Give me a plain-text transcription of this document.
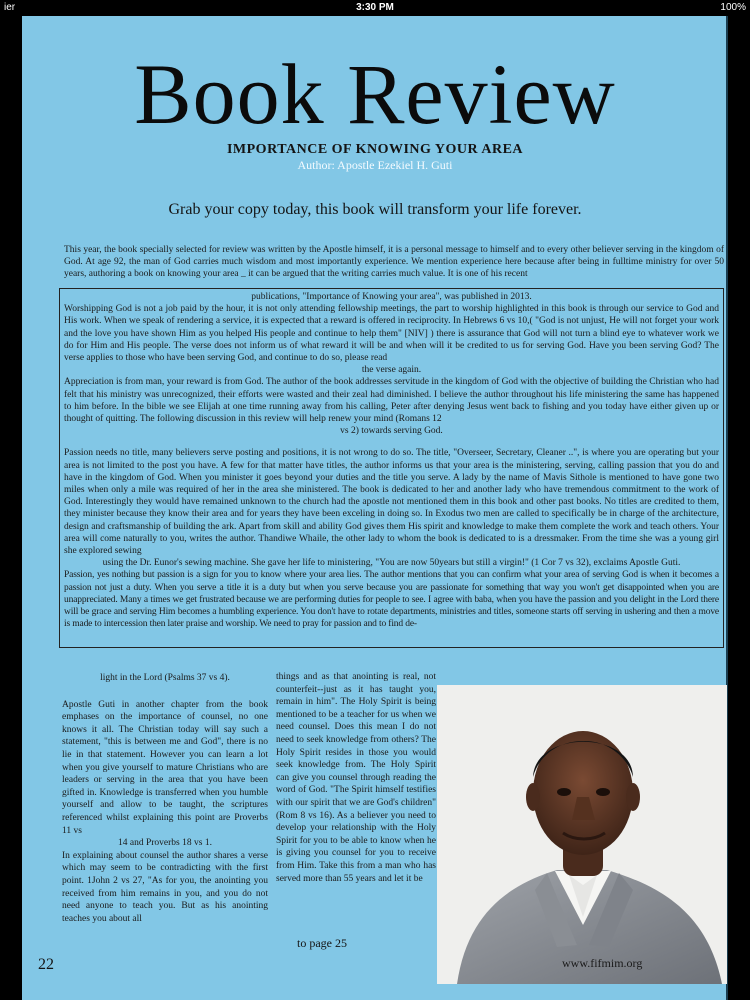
ier	3:30 PM	100%
Book Review
IMPORTANCE OF KNOWING YOUR AREA
Author: Apostle Ezekiel H. Guti
Grab your copy today, this book will transform your life forever.
This year, the book specially selected for review was written by the Apostle himself, it is a personal message to himself and to every other believer serving in the kingdom of God. At age 92, the man of God carries much wisdom and most importantly experience. We mention experience here because after being in fulltime ministry for over 50 years, authoring a book on knowing your area _ it can be argued that the writing carries much value. It is one of his recent
publications, "Importance of Knowing your area", was published in 2013.
Worshipping God is not a job paid by the hour, it is not only attending fellowship meetings, the part to worship highlighted in this book is through our service to God and His work. When we speak of rendering a service, it is expected that a reward is offered in reciprocity. In Hebrews 6 vs 10,( "God is not unjust, He will not forget your work and the love you have shown Him as you helped His people and continue to help them" [NIV] ) there is assurance that God will not turn a blind eye to whatever work we do for Him and His people. The verse does not inform us of what reward it will be and when will it be credited to us for serving God. Have you been serving God? The verse applies to those who have been serving God, and continue to do so, please read
the verse again.
Appreciation is from man, your reward is from God. The author of the book addresses servitude in the kingdom of God with the objective of building the Christian who had felt that his ministry was unrecognized, their efforts were wasted and their zeal had diminished. I believe the author throughout his life ministering the same has happened to him before. In the bible we see Elijah at one time running away from his calling, Peter after denying Jesus went back to fishing and you today have either given up or thought of quitting. The following discussion in this review will help renew your mind (Romans 12
vs 2) towards serving God.
Passion needs no title, many believers serve posting and positions, it is not wrong to do so. The title, "Overseer, Secretary, Cleaner ..", is where you are operating but your area is not limited to the post you have. A few for that matter have titles, the author informs us that your area is the ministering, serving, calling passion that you do and have in the kingdom of God. When you minister it goes beyond your duties and the title you serve. A lady by the name of Mavis Sithole is mentioned to have gone two miles when only a mile was required of her in the area she ministered. The book is dedicated to her and another lady who have tremendous commitment to the work of God. Interestingly they would have remained unknown to the church had the apostle not mentioned them in this book and other past books. No titles are credited to them, they minister because they know their area and for years they have been exceling in doing so. In Exodus two men are called to specifically be in charge of the architecture, design and craftsmanship of building the ark. Apart from skill and ability God gives them His spirit and knowledge to make them complete the work and teach others. Your area will come naturally to you, writes the author. Thandiwe Whaile, the other lady to whom the book is dedicated to is a dressmaker. From the time she was a young girl she explored sewing
using the Dr. Eunor's sewing machine. She gave her life to ministering, "You are now 50years but still a virgin!" (1 Cor 7 vs 32), exclaims Apostle Guti.
Passion, yes nothing but passion is a sign for you to know where your area lies. The author mentions that you can confirm what your area of serving God is when it becomes a passion not just a duty. When you serve a title it is a duty but when you serve because you are passionate for something that way you won't get disappointed when you are unappreciated. Many a times we get frustrated because we are performing duties for people to see. I agree with baba, when you have the passion and you delight in the Lord there will be grace and serving Him becomes a humbling experience. You don't have to rotate departments, ministries and titles, someone starts off serving in ushering and then a move is made to intercession then later praise and worship. We need to pray for passion and to find de-
light in the Lord (Psalms 37 vs 4).
Apostle Guti in another chapter from the book emphases on the importance of counsel, no one knows it all. The Christian today will say such a statement, "this is between me and God", there is no lie in that statement. However you can learn a lot when you give yourself to mature Christians who are leaders or serving in the area that you have been gifted in. Knowledge is transferred when you humble yourself and allow to be taught, the scriptures referenced whilst explaining this point are Proverbs 11 vs
14 and Proverbs 18 vs 1.
In explaining about counsel the author shares a verse which may seem to be contradicting with the first point. 1John 2 vs 27, "As for you, the anointing you received from him remains in you, and you do not need anyone to teach you. But as his anointing teaches you about all
things and as that anointing is real, not counterfeit--just as it has taught you, remain in him". The Holy Spirit is being mentioned to be a teacher for us when we need counsel. Does this mean I do not need to seek knowledge from others? The Holy Spirit resides in those you would seek knowledge from. The Holy Spirit can give you counsel through reading the word of God. "The Spirit himself testifies with our spirit that we are God's children" (Rom 8 vs 16). As a believer you need to develop your relationship with the Holy Spirit for you to be able to know when he is giving you counsel for you to receive from Him. Take this from a man who has served more than 55 years and let it be
to page 25
22	www.fifmim.org
